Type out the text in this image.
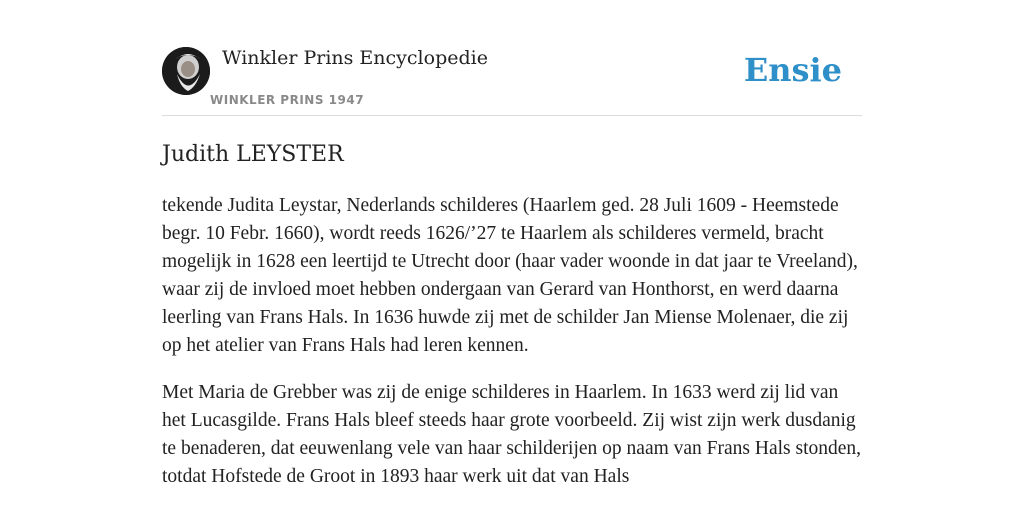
Winkler Prins Encyclopedie
WINKLER PRINS 1947
Ensie
Judith LEYSTER

tekende Judita Leystar, Nederlands schilderes (Haarlem ged. 28 Juli 1609 - Heemstede begr. 10 Febr. 1660), wordt reeds 1626/’27 te Haarlem als schilderes vermeld, bracht mogelijk in 1628 een leertijd te Utrecht door (haar vader woonde in dat jaar te Vreeland), waar zij de invloed moet hebben ondergaan van Gerard van Honthorst, en werd daarna leerling van Frans Hals. In 1636 huwde zij met de schilder Jan Miense Molenaer, die zij op het atelier van Frans Hals had leren kennen.

Met Maria de Grebber was zij de enige schilderes in Haarlem. In 1633 werd zij lid van het Lucasgilde. Frans Hals bleef steeds haar grote voorbeeld. Zij wist zijn werk dusdanig te benaderen, dat eeuwenlang vele van haar schilderijen op naam van Frans Hals stonden, totdat Hofstede de Groot in 1893 haar werk uit dat van Hals
